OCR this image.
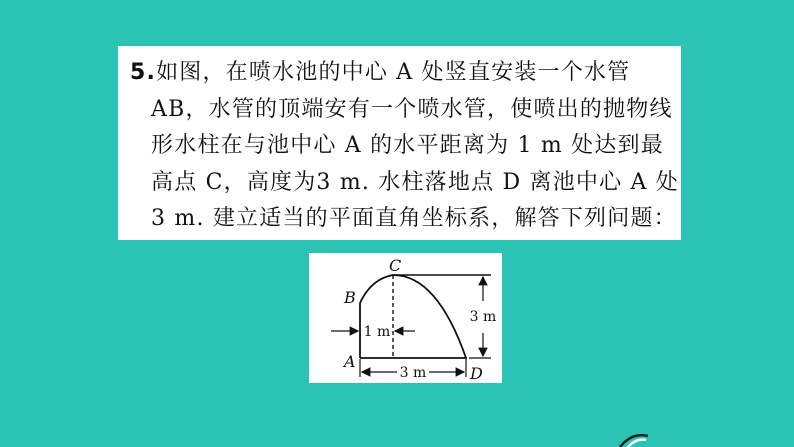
5.如图，在喷水池的中心 A 处竖直安装一个水管
AB，水管的顶端安有一个喷水管，使喷出的抛物线
形水柱在与池中心 A 的水平距离为 1 m 处达到最
高点 C，高度为3 m. 水柱落地点 D 离池中心 A 处
3 m. 建立适当的平面直角坐标系，解答下列问题：
3 m
1 m
3 m
C
B
A
D
